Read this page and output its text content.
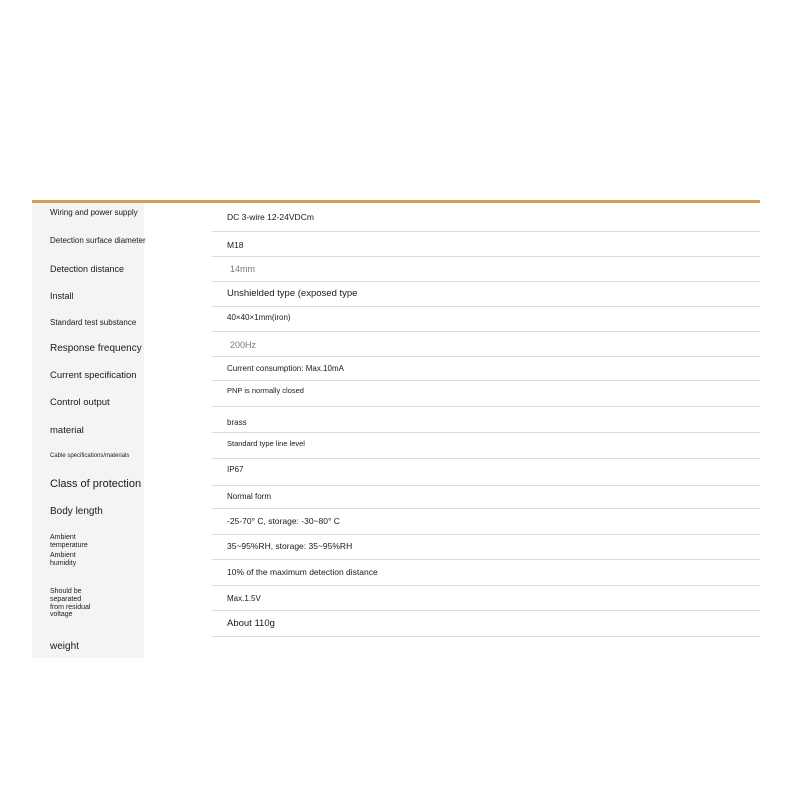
Wiring and power supply
Detection surface diameter
Detection distance
Install
Standard test substance
Response frequency
Current specification
Control output
material
Cable specifications/materials
Class of protection
Body length
Ambient
temperature
Ambient
humidity
Should be
separated
from residual
voltage
weight
DC 3-wire 12-24VDCm
M18
14mm
Unshielded type (exposed type
40×40×1mm(iron)
200Hz
Current consumption: Max.10mA
PNP is normally closed
brass
Standard type line level
IP67
Normal form
-25-70° C, storage: -30~80° C
35~95%RH, storage: 35~95%RH
10% of the maximum detection distance
Max.1.5V
About 110g
